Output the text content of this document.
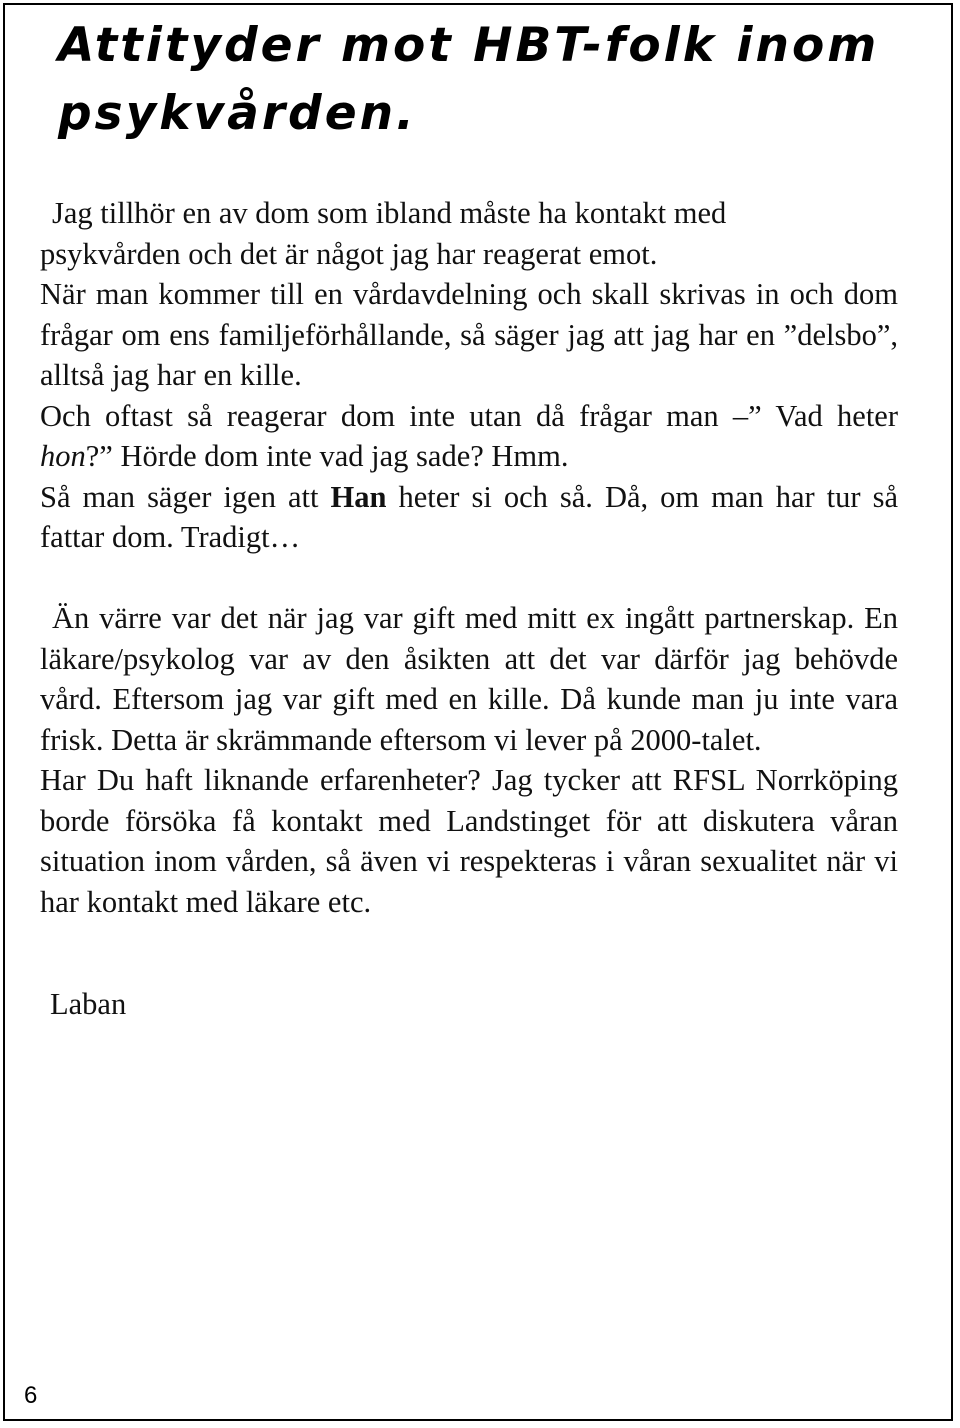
Attityder mot HBT-folk inom psykvården.

Jag tillhör en av dom som ibland måste ha kontakt med

psykvården och det är något jag har reagerat emot.

När man kommer till en vårdavdelning och skall skrivas in och dom frågar om ens familjeförhållande, så säger jag att jag har en ”delsbo”, alltså jag har en kille.

Och oftast så reagerar dom inte utan då frågar man –” Vad heter hon?” Hörde dom inte vad jag sade? Hmm.

Så man säger igen att Han heter si och så. Då, om man har tur så fattar dom. Tradigt…

Än värre var det när jag var gift med mitt ex ingått partnerskap. En läkare/psykolog var av den åsikten att det var därför jag behövde vård. Eftersom jag var gift med en kille. Då kunde man ju inte vara frisk. Detta är skrämmande eftersom vi lever på 2000-talet.

Har Du haft liknande erfarenheter? Jag tycker att RFSL Norrköping borde försöka få kontakt med Landstinget för att diskutera våran situation inom vården, så även vi respekteras i våran sexualitet när vi har kontakt med läkare etc.

Laban

6
